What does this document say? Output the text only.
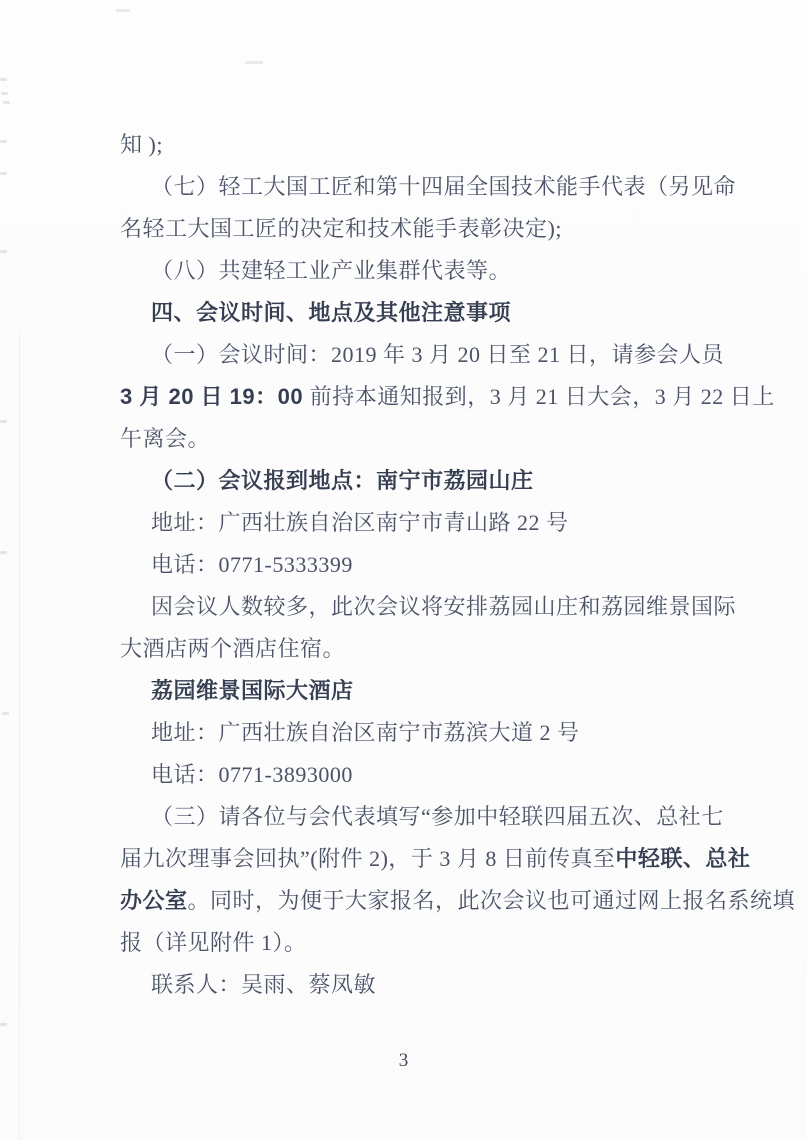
知 );
（七）轻工大国工匠和第十四届全国技术能手代表（另见命
名轻工大国工匠的决定和技术能手表彰决定);
（八）共建轻工业产业集群代表等。
四、会议时间、地点及其他注意事项
（一）会议时间：2019 年 3 月 20 日至 21 日，请参会人员
3 月 20 日 19：00 前持本通知报到，3 月 21 日大会，3 月 22 日上
午离会。
（二）会议报到地点：南宁市荔园山庄
地址：广西壮族自治区南宁市青山路 22 号
电话：0771-5333399
因会议人数较多，此次会议将安排荔园山庄和荔园维景国际
大酒店两个酒店住宿。
荔园维景国际大酒店
地址：广西壮族自治区南宁市荔滨大道 2 号
电话：0771-3893000
（三）请各位与会代表填写“参加中轻联四届五次、总社七
届九次理事会回执”(附件 2)，于 3 月 8 日前传真至中轻联、总社
办公室。同时，为便于大家报名，此次会议也可通过网上报名系统填
报（详见附件 1）。
联系人：吴雨、蔡凤敏
3
